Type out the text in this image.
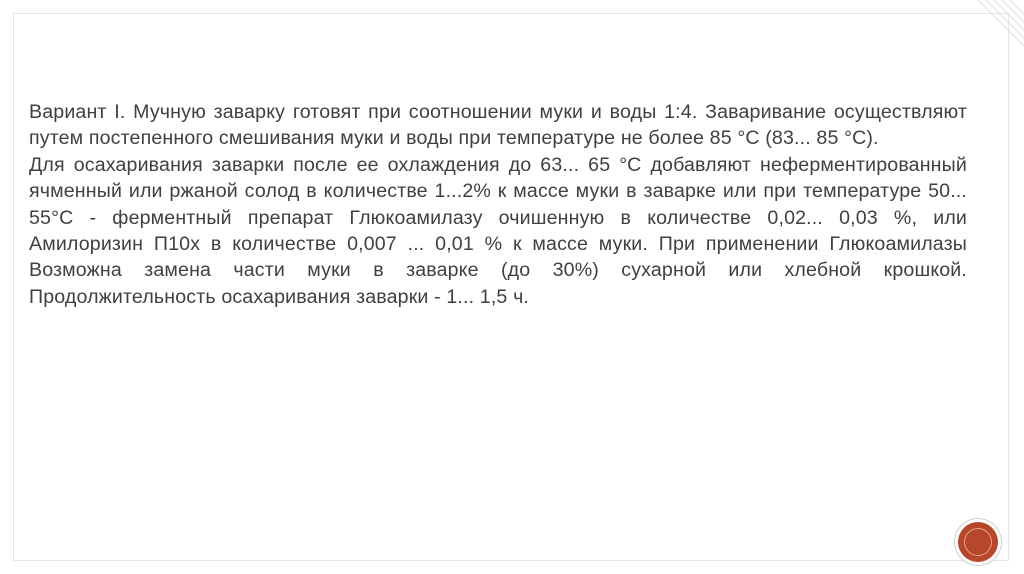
Вариант I. Мучную заварку готовят при соотношении муки и воды 1:4. Заваривание осуществляют путем постепенного смешивания муки и воды при температуре не более 85 °С (83... 85 °С).

Для осахаривания заварки после ее охлаждения до 63... 65 °С добавляют неферментированный ячменный или ржаной солод в количестве 1...2% к массе муки в заварке или при температуре 50... 55°С - ферментный препарат Глюкоамилазу очишенную в количестве 0,02... 0,03 %, или Амилоризин П10х в количестве 0,007 ... 0,01 % к массе муки. При применении Глюкоамилазы Возможна замена части муки в заварке (до 30%) сухарной или хлебной крошкой. Продолжительность осахаривания заварки - 1... 1,5 ч.
